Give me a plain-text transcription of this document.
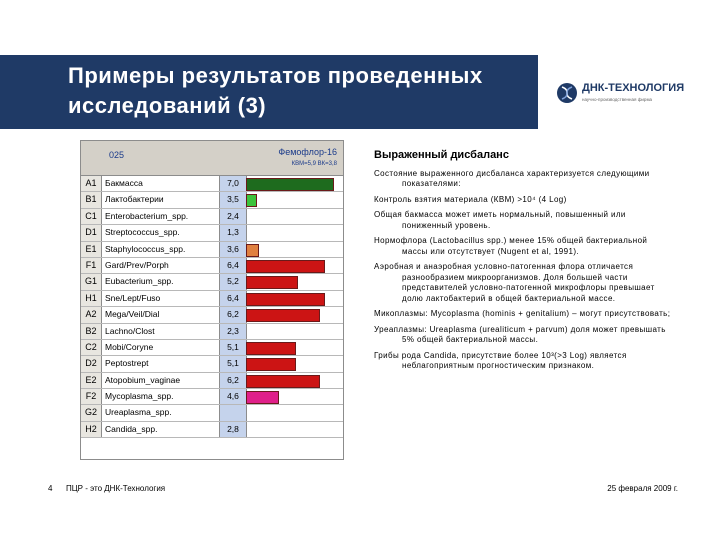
Примеры результатов проведенных исследований (3)
ДНК-ТЕХНОЛОГИЯ
научно-производственная фирма
025	Фемофлор-16
КВМ=5,9 ВК=3,8
A1	Бакмасса	7,0
B1	Лактобактерии	3,5
C1 Enterobacterium_spp.	2,4
D1 Streptococcus_spp.	1,3
E1	Staphylococcus_spp.	3,6
F1	Gard/Prev/Porph	6,4
G1 Eubacterium_spp.	5,2
H1 Sne/Lept/Fuso	6,4
A2	Mega/Veil/Dial	6,2
B2	Lachno/Clost	2,3
C2 Mobi/Coryne	5,1
D2 Peptostrept	5,1
E2	Atopobium_vaginae	6,2
F2	Mycoplasma_spp.	4,6
G2 Ureaplasma_spp.
H2 Candida_spp.	2,8
Выраженный дисбаланс
Состояние выраженного дисбаланса характеризуется следующими показателями:
Контроль взятия материала (КВМ) >10⁴ (4 Log)
Общая бакмасса может иметь нормальный, повышенный или пониженный уровень.
Нормофлора (Lactobacillus spp.) менее 15% общей бактериальной массы или отсутствует (Nugent et al, 1991).
Аэробная и анаэробная условно-патогенная флора отличается разнообразием микроорганизмов. Доля большей части представителей условно-патогенной микрофлоры превышает долю лактобактерий в общей бактериальной массе.
Микоплазмы: Mycoplasma (hominis + genitalium) – могут присутствовать;
Уреаплазмы: Ureaplasma (urealiticum + parvum) доля может превышать 5% общей бактериальной массы.
Грибы рода Candida, присутствие более 10³(>3 Log) является неблагоприятным прогностическим признаком.
4 ПЦР - это ДНК-Технология	25 февраля 2009 г.
